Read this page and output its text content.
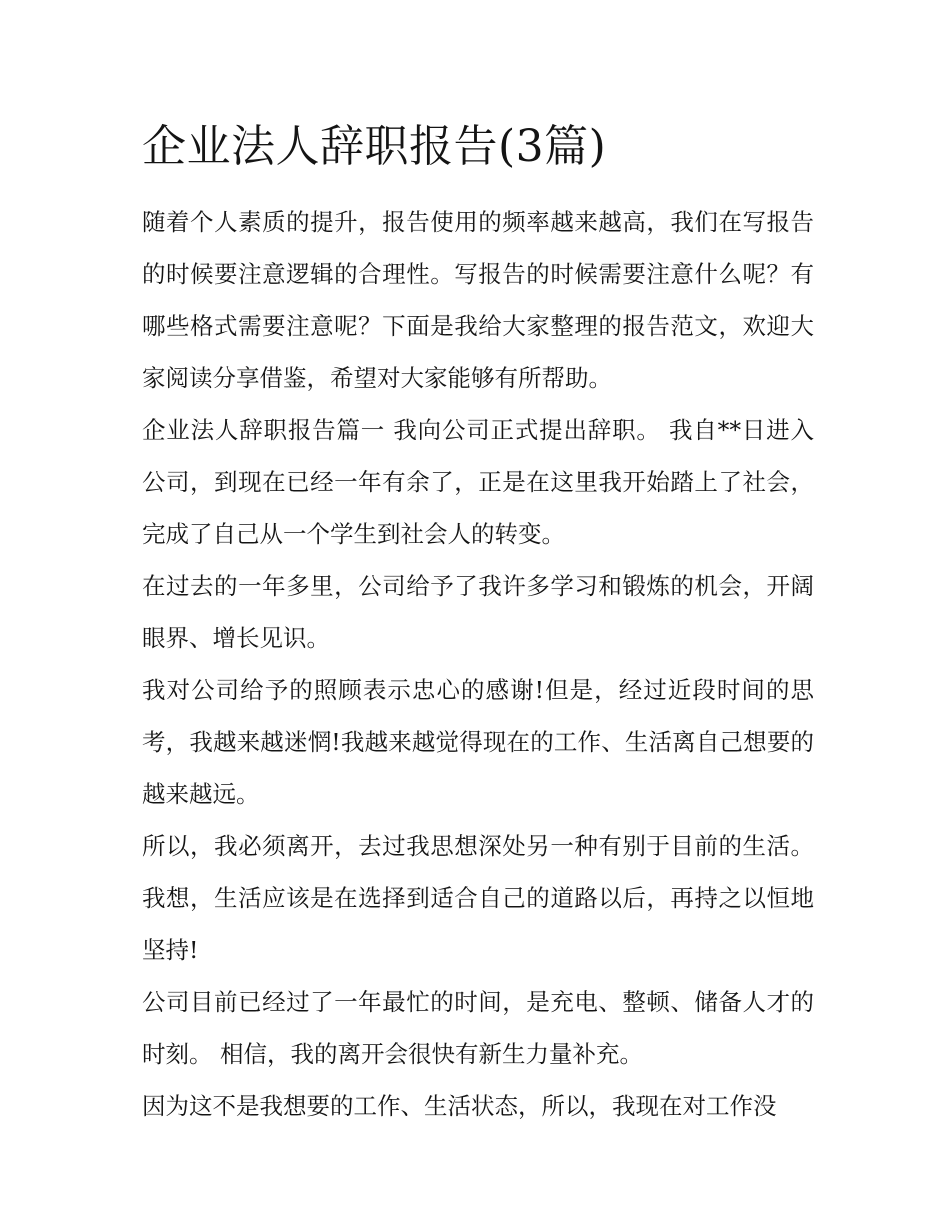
企业法人辞职报告(3篇)

随着个人素质的提升，报告使用的频率越来越高，我们在写报告的时候要注意逻辑的合理性。写报告的时候需要注意什么呢？有哪些格式需要注意呢？下面是我给大家整理的报告范文，欢迎大家阅读分享借鉴，希望对大家能够有所帮助。

企业法人辞职报告篇一 我向公司正式提出辞职。 我自**日进入公司，到现在已经一年有余了，正是在这里我开始踏上了社会，完成了自己从一个学生到社会人的转变。

在过去的一年多里，公司给予了我许多学习和锻炼的机会，开阔眼界、增长见识。

我对公司给予的照顾表示忠心的感谢!但是，经过近段时间的思考，我越来越迷惘!我越来越觉得现在的工作、生活离自己想要的越来越远。

所以，我必须离开，去过我思想深处另一种有别于目前的生活。 我想，生活应该是在选择到适合自己的道路以后，再持之以恒地坚持!

公司目前已经过了一年最忙的时间，是充电、整顿、储备人才的时刻。 相信，我的离开会很快有新生力量补充。

因为这不是我想要的工作、生活状态，所以，我现在对工作没
